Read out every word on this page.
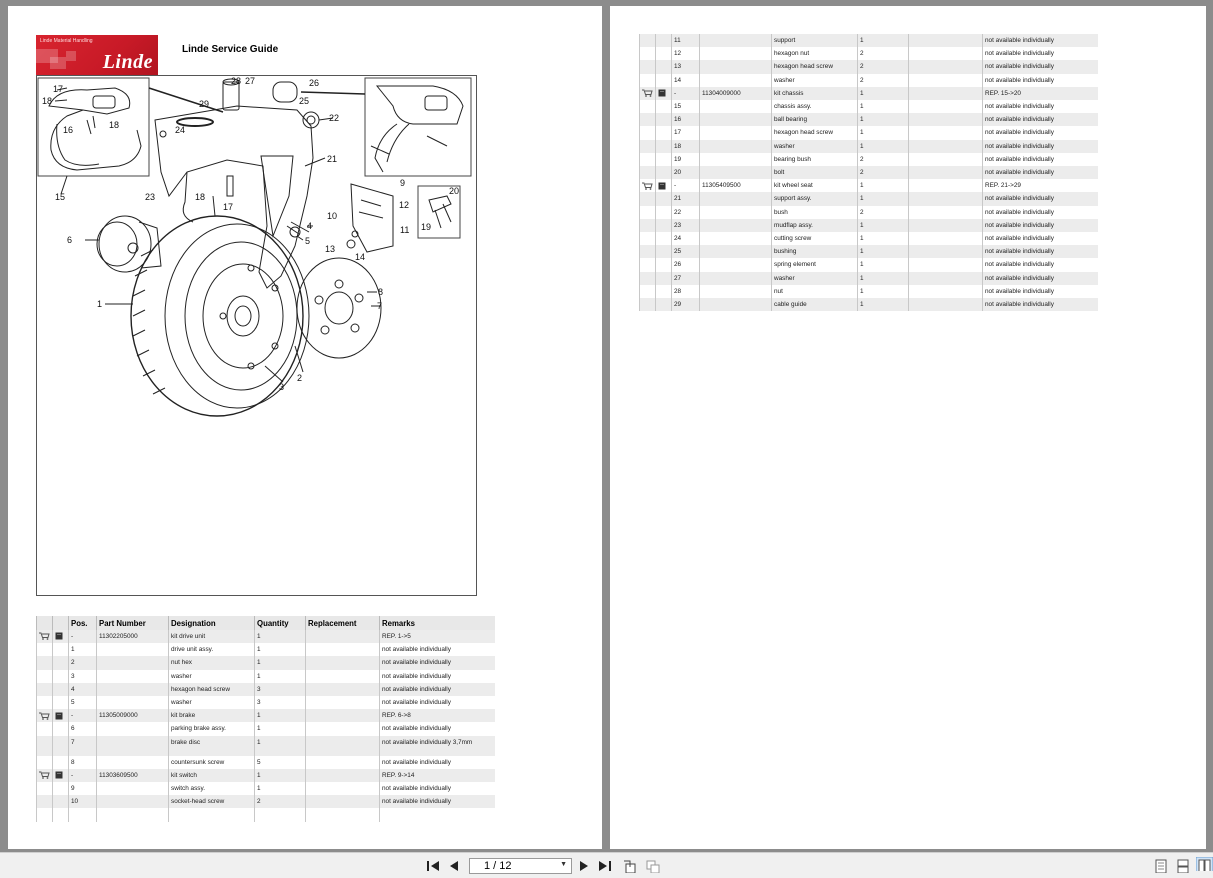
Linde Material Handling
Linde
Linde Service Guide
1
2
3
4
5
6
7
8
9
10
11
12
13
14
15
16
17
17
18
18
18
19
20
21
22
23
24
25
26
27
28
29
		Pos.	Part Number	Designation	Quantity	Replacement	Remarks
		-	11302205000	kit drive unit	1		REP. 1->5
		1		drive unit assy.	1		not available individually
		2		nut hex	1		not available individually
		3		washer	1		not available individually
		4		hexagon head screw	3		not available individually
		5		washer	3		not available individually
		-	11305009000	kit brake	1		REP. 6->8
		6		parking brake assy.	1		not available individually
		7		brake disc	1		not available individually 3,7mm
		8		countersunk screw	5		not available individually
		-	11303609500	kit switch	1		REP. 9->14
		9		switch assy.	1		not available individually
		10		socket-head screw	2		not available individually

		11		support	1		not available individually
		12		hexagon nut	2		not available individually
		13		hexagon head screw	2		not available individually
		14		washer	2		not available individually
		-	11304009000	kit chassis	1		REP. 15->20
		15		chassis assy.	1		not available individually
		16		ball bearing	1		not available individually
		17		hexagon head screw	1		not available individually
		18		washer	1		not available individually
		19		bearing bush	2		not available individually
		20		bolt	2		not available individually
		-	11305409500	kit wheel seat	1		REP. 21->29
		21		support assy.	1		not available individually
		22		bush	2		not available individually
		23		mudflap assy.	1		not available individually
		24		cutting screw	1		not available individually
		25		bushing	1		not available individually
		26		spring element	1		not available individually
		27		washer	1		not available individually
		28		nut	1		not available individually
		29		cable guide	1		not available individually
1 / 12	▼
